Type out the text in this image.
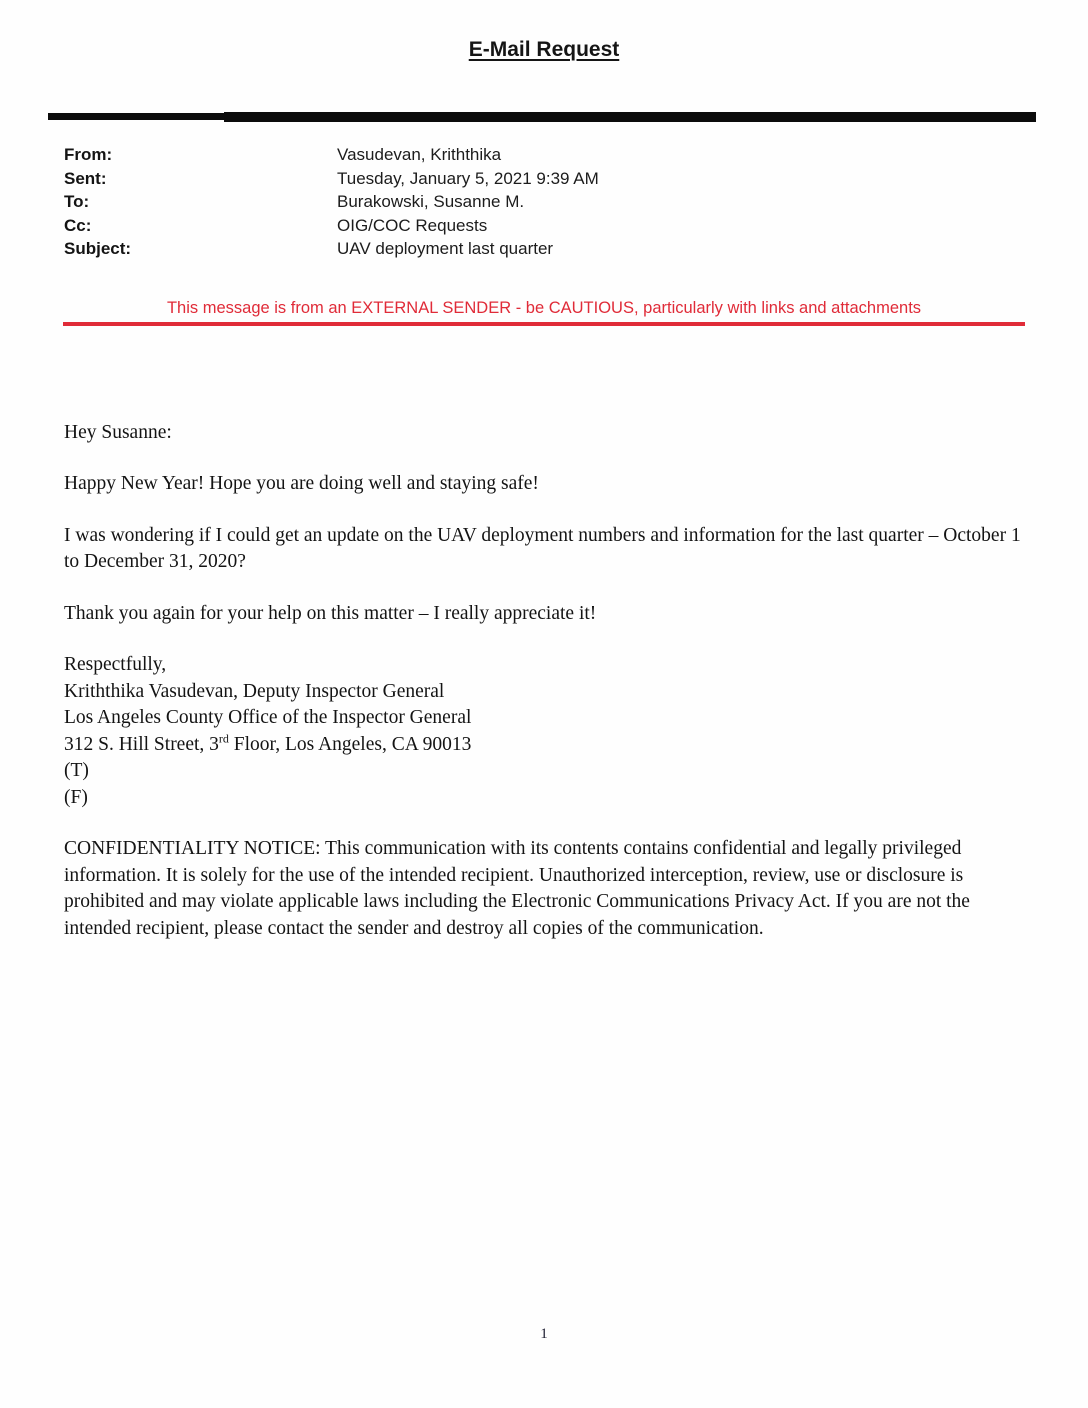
E-Mail Request
From:	Vasudevan, Kriththika
Sent:	Tuesday, January 5, 2021 9:39 AM
To:	Burakowski, Susanne M.
Cc:	OIG/COC Requests
Subject:	UAV deployment last quarter
This message is from an EXTERNAL SENDER - be CAUTIOUS, particularly with links and attachments

Hey Susanne:

Happy New Year! Hope you are doing well and staying safe!

I was wondering if I could get an update on the UAV deployment numbers and information for the last quarter – October 1 to December 31, 2020?

Thank you again for your help on this matter – I really appreciate it!

Respectfully,
Kriththika Vasudevan, Deputy Inspector General
Los Angeles County Office of the Inspector General
312 S. Hill Street, 3rd Floor, Los Angeles, CA 90013
(T)
(F)

CONFIDENTIALITY NOTICE: This communication with its contents contains confidential and legally privileged information. It is solely for the use of the intended recipient. Unauthorized interception, review, use or disclosure is prohibited and may violate applicable laws including the Electronic Communications Privacy Act. If you are not the intended recipient, please contact the sender and destroy all copies of the communication.

1
